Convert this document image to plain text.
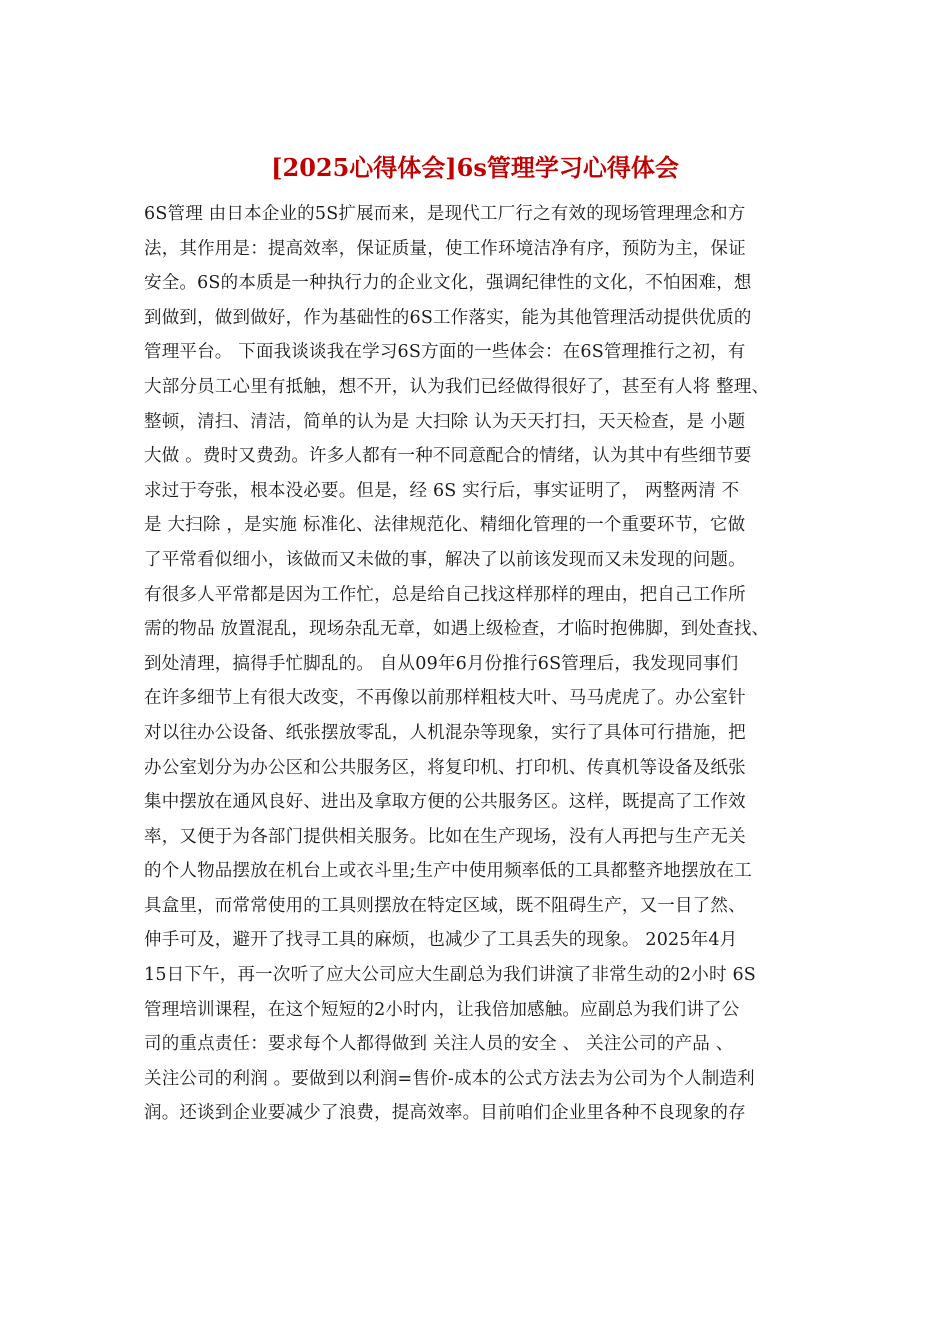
[2025心得体会]6s管理学习心得体会
6S管理 由日本企业的5S扩展而来，是现代工厂行之有效的现场管理理念和方
法，其作用是：提高效率，保证质量，使工作环境洁净有序，预防为主，保证
安全。6S的本质是一种执行力的企业文化，强调纪律性的文化，不怕困难，想
到做到，做到做好，作为基础性的6S工作落实，能为其他管理活动提供优质的
管理平台。 下面我谈谈我在学习6S方面的一些体会：在6S管理推行之初，有
大部分员工心里有抵触，想不开，认为我们已经做得很好了，甚至有人将 整理、
整顿，清扫、清洁，简单的认为是 大扫除 认为天天打扫，天天检查，是 小题
大做 。费时又费劲。许多人都有一种不同意配合的情绪，认为其中有些细节要
求过于夸张，根本没必要。但是，经 6S 实行后，事实证明了， 两整两清 不
是 大扫除 ，是实施 标准化、法律规范化、精细化管理的一个重要环节，它做
了平常看似细小，该做而又未做的事，解决了以前该发现而又未发现的问题。
有很多人平常都是因为工作忙，总是给自己找这样那样的理由，把自己工作所
需的物品 放置混乱，现场杂乱无章，如遇上级检查，才临时抱佛脚，到处查找、
到处清理，搞得手忙脚乱的。 自从09年6月份推行6S管理后，我发现同事们
在许多细节上有很大改变，不再像以前那样粗枝大叶、马马虎虎了。办公室针
对以往办公设备、纸张摆放零乱，人机混杂等现象，实行了具体可行措施，把
办公室划分为办公区和公共服务区，将复印机、打印机、传真机等设备及纸张
集中摆放在通风良好、进出及拿取方便的公共服务区。这样，既提高了工作效
率，又便于为各部门提供相关服务。比如在生产现场，没有人再把与生产无关
的个人物品摆放在机台上或衣斗里;生产中使用频率低的工具都整齐地摆放在工
具盒里，而常常使用的工具则摆放在特定区域，既不阻碍生产，又一目了然、
伸手可及，避开了找寻工具的麻烦，也减少了工具丢失的现象。 2025年4月
15日下午，再一次听了应大公司应大生副总为我们讲演了非常生动的2小时 6S
管理培训课程，在这个短短的2小时内，让我倍加感触。应副总为我们讲了公
司的重点责任：要求每个人都得做到 关注人员的安全 、 关注公司的产品 、
关注公司的利润 。要做到以利润=售价-成本的公式方法去为公司为个人制造利
润。还谈到企业要减少了浪费，提高效率。目前咱们企业里各种不良现象的存
